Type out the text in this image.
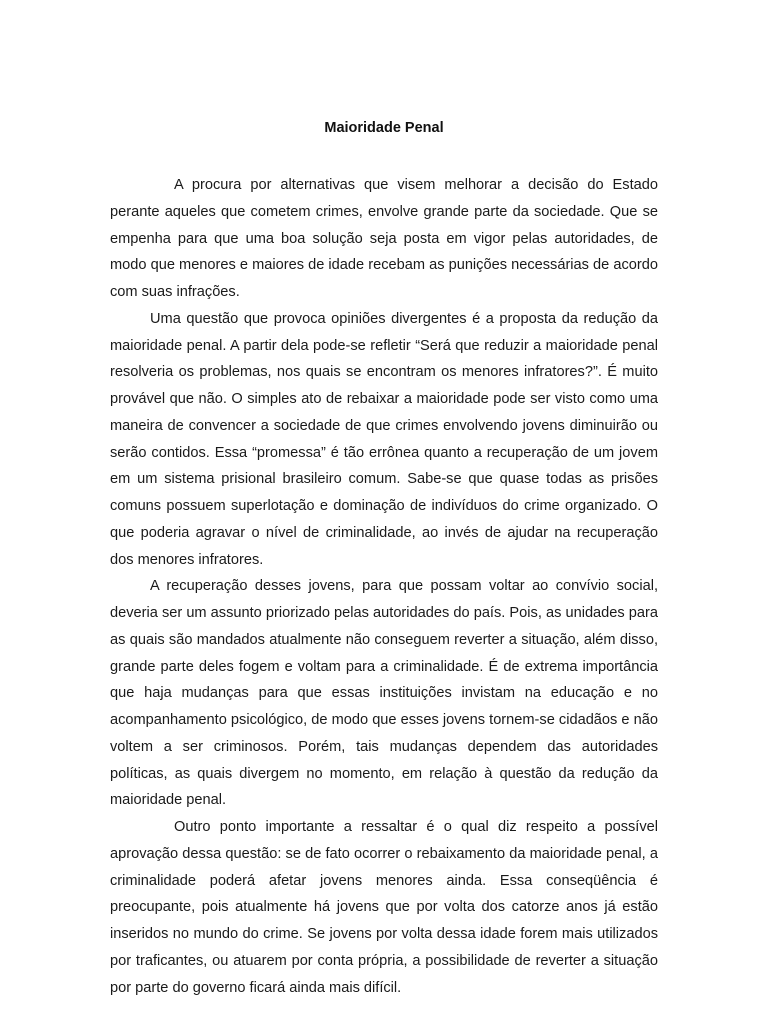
Maioridade Penal

A procura por alternativas que visem melhorar a decisão do Estado perante aqueles que cometem crimes, envolve grande parte da sociedade. Que se empenha para que uma boa solução seja posta em vigor pelas autoridades, de modo que menores e maiores de idade recebam as punições necessárias de acordo com suas infrações.

Uma questão que provoca opiniões divergentes é a proposta da redução da maioridade penal. A partir dela pode-se refletir “Será que reduzir a maioridade penal resolveria os problemas, nos quais se encontram os menores infratores?”. É muito provável que não. O simples ato de rebaixar a maioridade pode ser visto como uma maneira de convencer a sociedade de que crimes envolvendo jovens diminuirão ou serão contidos. Essa “promessa” é tão errônea quanto a recuperação de um jovem em um sistema prisional brasileiro comum. Sabe-se que quase todas as prisões comuns possuem superlotação e dominação de indivíduos do crime organizado. O que poderia agravar o nível de criminalidade, ao invés de ajudar na recuperação dos menores infratores.

A recuperação desses jovens, para que possam voltar ao convívio social, deveria ser um assunto priorizado pelas autoridades do país. Pois, as unidades para as quais são mandados atualmente não conseguem reverter a situação, além disso, grande parte deles fogem e voltam para a criminalidade. É de extrema importância que haja mudanças para que essas instituições invistam na educação e no acompanhamento psicológico, de modo que esses jovens tornem-se cidadãos e não voltem a ser criminosos. Porém, tais mudanças dependem das autoridades políticas, as quais divergem no momento, em relação à questão da redução da maioridade penal.

Outro ponto importante a ressaltar é o qual diz respeito a possível aprovação dessa questão: se de fato ocorrer o rebaixamento da maioridade penal, a criminalidade poderá afetar jovens menores ainda. Essa conseqüência é preocupante, pois atualmente há jovens que por volta dos catorze anos já estão inseridos no mundo do crime. Se jovens por volta dessa idade forem mais utilizados por traficantes, ou atuarem por conta própria, a possibilidade de reverter a situação por parte do governo ficará ainda mais difícil.
